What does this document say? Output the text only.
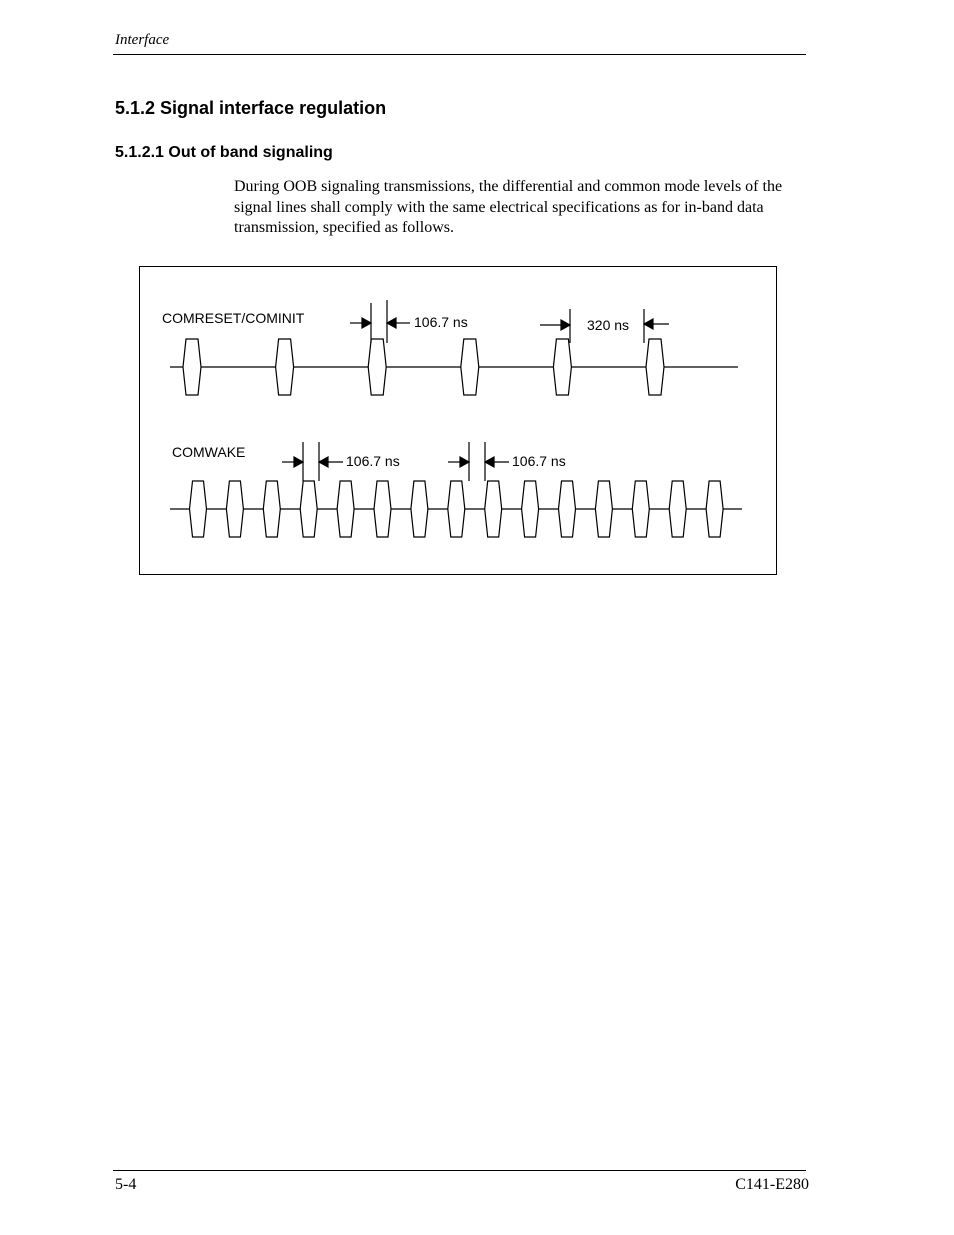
Interface
5.1.2 Signal interface regulation
5.1.2.1 Out of band signaling

During OOB signaling transmissions, the differential and common mode levels of the signal lines shall comply with the same electrical specifications as for in-band data transmission, specified as follows.

COMRESET/COMINIT	106.7 ns	320 ns
COMWAKE
106.7 ns	106.7 ns
5-4	C141-E280
